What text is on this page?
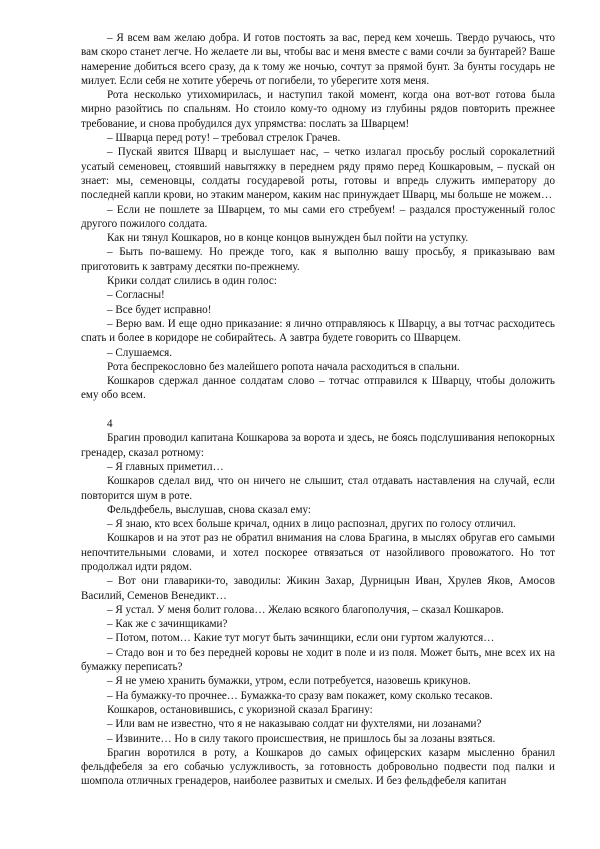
– Я всем вам желаю добра. И готов постоять за вас, перед кем хочешь. Твердо ручаюсь, что вам скоро станет легче. Но желаете ли вы, чтобы вас и меня вместе с вами сочли за бунтарей? Ваше намерение добиться всего сразу, да к тому же ночью, сочтут за прямой бунт. За бунты государь не милует. Если себя не хотите уберечь от погибели, то уберегите хотя меня.

Рота несколько утихомирилась, и наступил такой момент, когда она вот-вот готова была мирно разойтись по спальням. Но стоило кому-то одному из глубины рядов повторить прежнее требование, и снова пробудился дух упрямства: послать за Шварцем!

– Шварца перед роту! – требовал стрелок Грачев.

– Пускай явится Шварц и выслушает нас, – четко излагал просьбу рослый сорокалетний усатый семеновец, стоявший навытяжку в переднем ряду прямо перед Кошкаровым, – пускай он знает: мы, семеновцы, солдаты государевой роты, готовы и впредь служить императору до последней капли крови, но этаким манером, каким нас принуждает Шварц, мы больше не можем…

– Если не пошлете за Шварцем, то мы сами его стребуем! – раздался простуженный голос другого пожилого солдата.

Как ни тянул Кошкаров, но в конце концов вынужден был пойти на уступку.

– Быть по-вашему. Но прежде того, как я выполню вашу просьбу, я приказываю вам приготовить к завтраму десятки по-прежнему.

Крики солдат слились в один голос:

– Согласны!

– Все будет исправно!

– Верю вам. И еще одно приказание: я лично отправляюсь к Шварцу, а вы тотчас расходитесь спать и более в коридоре не собирайтесь. А завтра будете говорить со Шварцем.

– Слушаемся.

Рота беспрекословно без малейшего ропота начала расходиться в спальни.

Кошкаров сдержал данное солдатам слово – тотчас отправился к Шварцу, чтобы доложить ему обо всем.

4

Брагин проводил капитана Кошкарова за ворота и здесь, не боясь подслушивания непокорных гренадер, сказал ротному:

– Я главных приметил…

Кошкаров сделал вид, что он ничего не слышит, стал отдавать наставления на случай, если повторится шум в роте.

Фельдфебель, выслушав, снова сказал ему:

– Я знаю, кто всех больше кричал, одних в лицо распознал, других по голосу отличил.

Кошкаров и на этот раз не обратил внимания на слова Брагина, в мыслях обругав его самыми непочтительными словами, и хотел поскорее отвязаться от назойливого провожатого. Но тот продолжал идти рядом.

– Вот они главарики-то, заводилы: Жикин Захар, Дурницын Иван, Хрулев Яков, Амосов Василий, Семенов Венедикт…

– Я устал. У меня болит голова… Желаю всякого благополучия, – сказал Кошкаров.

– Как же с зачинщиками?

– Потом, потом… Какие тут могут быть зачинщики, если они гуртом жалуются…

– Стадо вон и то без передней коровы не ходит в поле и из поля. Может быть, мне всех их на бумажку переписать?

– Я не умею хранить бумажки, утром, если потребуется, назовешь крикунов.

– На бумажку-то прочнее… Бумажка-то сразу вам покажет, кому сколько тесаков.

Кошкаров, остановившись, с укоризной сказал Брагину:

– Или вам не известно, что я не наказываю солдат ни фухтелями, ни лозанами?

– Извините… Но в силу такого происшествия, не пришлось бы за лозаны взяться.

Брагин воротился в роту, а Кошкаров до самых офицерских казарм мысленно бранил фельдфебеля за его собачью услужливость, за готовность добровольно подвести под палки и шомпола отличных гренадеров, наиболее развитых и смелых. И без фельдфебеля капитан
